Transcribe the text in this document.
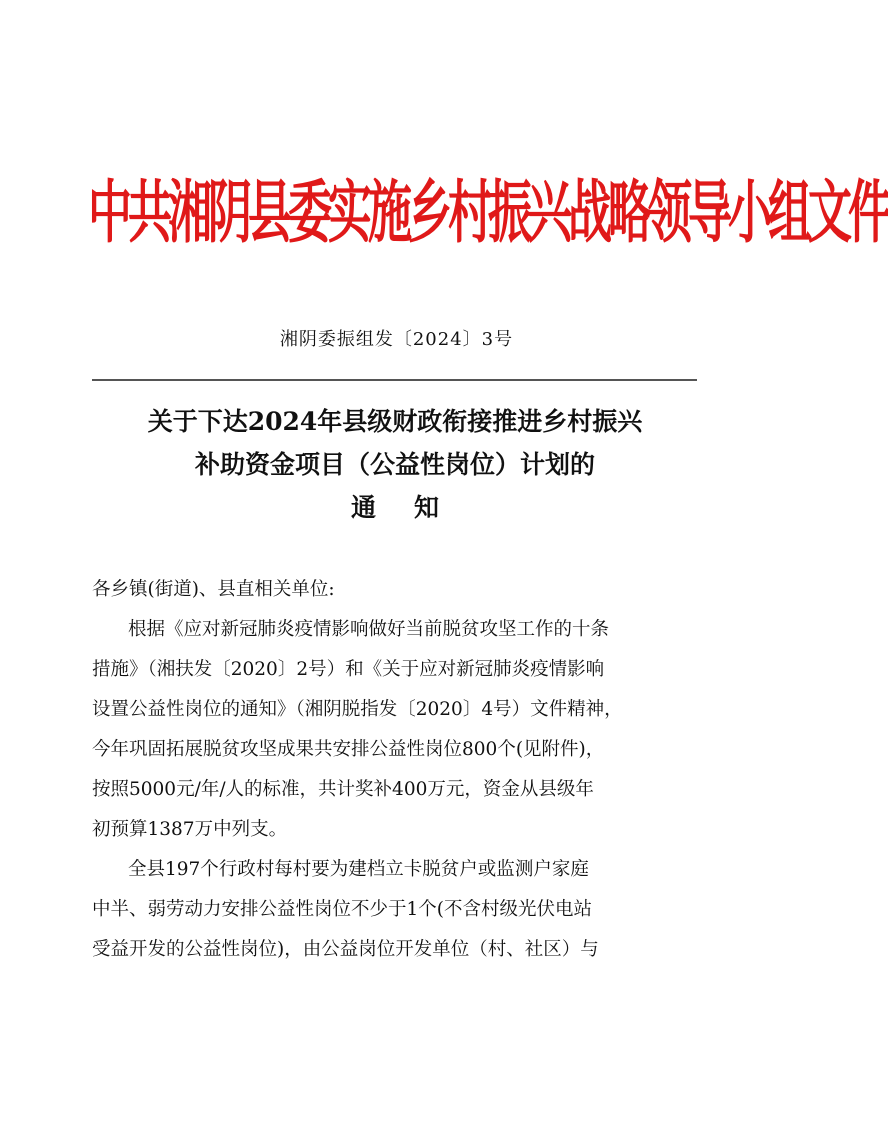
中共湘阴县委实施乡村振兴战略领导小组文件
湘阴委振组发〔2024〕3号
关于下达2024年县级财政衔接推进乡村振兴
补助资金项目（公益性岗位）计划的
通知
各乡镇(街道)、县直相关单位:
根据《应对新冠肺炎疫情影响做好当前脱贫攻坚工作的十条
措施》（湘扶发〔2020〕2号）和《关于应对新冠肺炎疫情影响
设置公益性岗位的通知》（湘阴脱指发〔2020〕4号）文件精神，
今年巩固拓展脱贫攻坚成果共安排公益性岗位800个(见附件)，
按照5000元/年/人的标准，共计奖补400万元，资金从县级年
初预算1387万中列支。
全县197个行政村每村要为建档立卡脱贫户或监测户家庭
中半、弱劳动力安排公益性岗位不少于1个(不含村级光伏电站
受益开发的公益性岗位)，由公益岗位开发单位（村、社区）与
